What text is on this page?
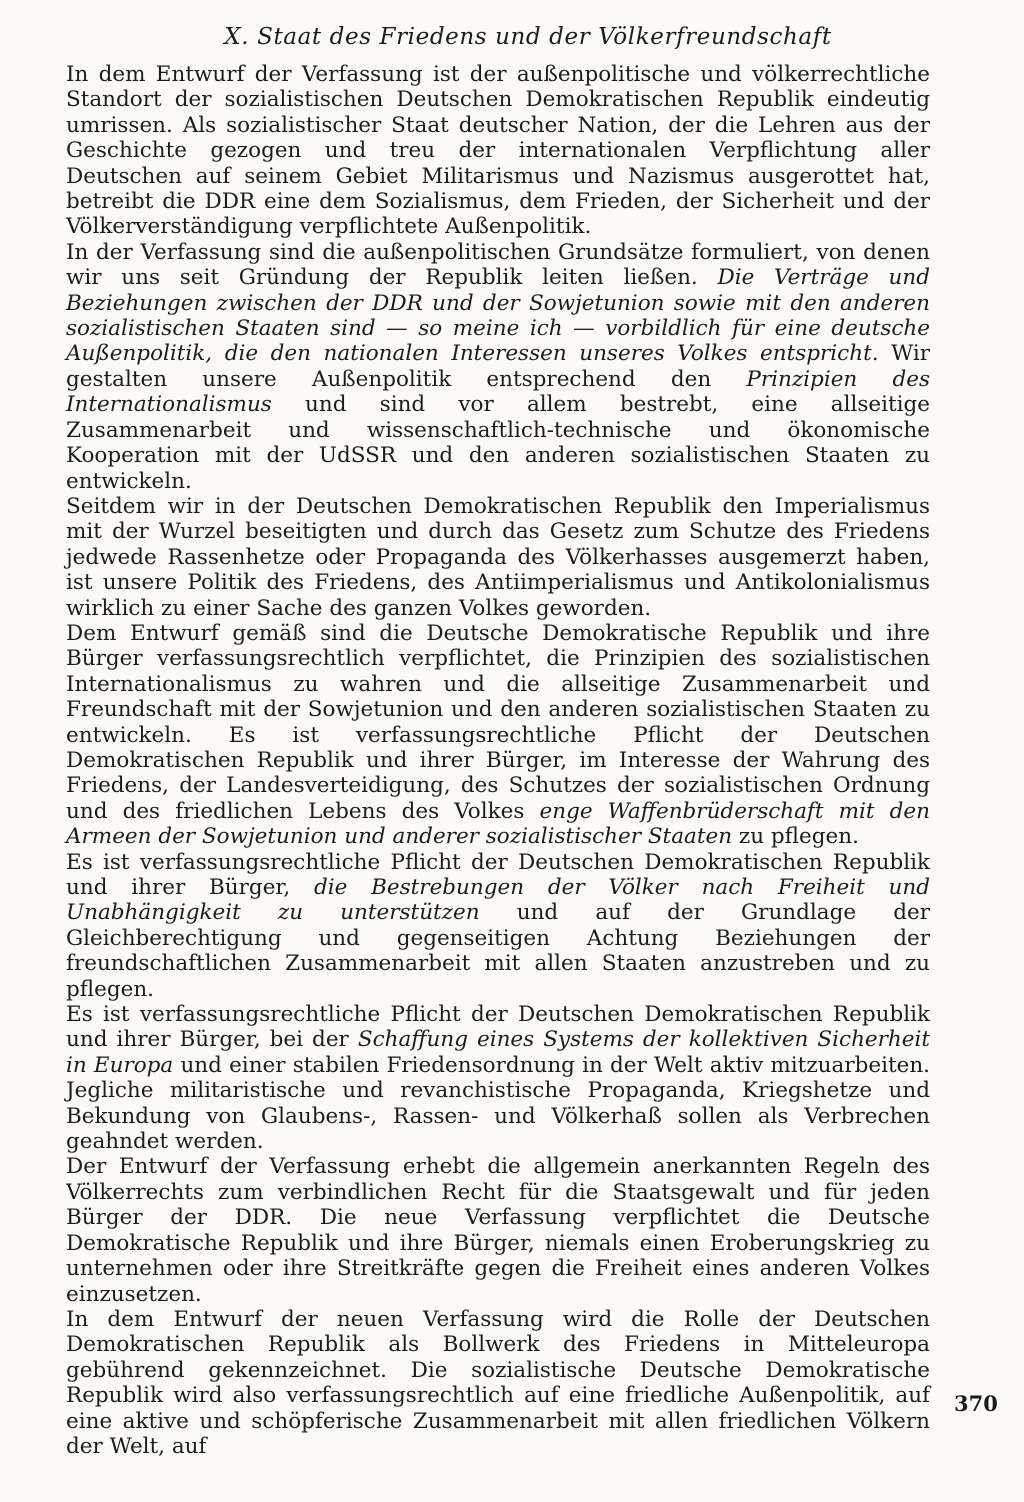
X. Staat des Friedens und der Völkerfreundschaft

In dem Entwurf der Verfassung ist der außenpolitische und völkerrechtliche Standort der sozialistischen Deutschen Demokratischen Republik eindeutig umrissen. Als sozialistischer Staat deutscher Nation, der die Lehren aus der Geschichte gezogen und treu der internationalen Verpflichtung aller Deutschen auf seinem Gebiet Militarismus und Nazismus ausgerottet hat, betreibt die DDR eine dem Sozialismus, dem Frieden, der Sicherheit und der Völkerverständigung verpflichtete Außenpolitik.

In der Verfassung sind die außenpolitischen Grundsätze formuliert, von denen wir uns seit Gründung der Republik leiten ließen. Die Verträge und Beziehungen zwischen der DDR und der Sowjetunion sowie mit den anderen sozialistischen Staaten sind — so meine ich — vorbildlich für eine deutsche Außenpolitik, die den nationalen Interessen unseres Volkes entspricht. Wir gestalten unsere Außenpolitik entsprechend den Prinzipien des Internationalismus und sind vor allem bestrebt, eine allseitige Zusammenarbeit und wissenschaftlich-technische und ökonomische Kooperation mit der UdSSR und den anderen sozialistischen Staaten zu entwickeln.

Seitdem wir in der Deutschen Demokratischen Republik den Imperialismus mit der Wurzel beseitigten und durch das Gesetz zum Schutze des Friedens jedwede Rassenhetze oder Propaganda des Völkerhasses ausgemerzt haben, ist unsere Politik des Friedens, des Antiimperialismus und Antikolonialismus wirklich zu einer Sache des ganzen Volkes geworden.

Dem Entwurf gemäß sind die Deutsche Demokratische Republik und ihre Bürger verfassungsrechtlich verpflichtet, die Prinzipien des sozialistischen Internationalismus zu wahren und die allseitige Zusammenarbeit und Freundschaft mit der Sowjetunion und den anderen sozialistischen Staaten zu entwickeln. Es ist verfassungsrechtliche Pflicht der Deutschen Demokratischen Republik und ihrer Bürger, im Interesse der Wahrung des Friedens, der Landesverteidigung, des Schutzes der sozialistischen Ordnung und des friedlichen Lebens des Volkes enge Waffenbrüderschaft mit den Armeen der Sowjetunion und anderer sozialistischer Staaten zu pflegen.

Es ist verfassungsrechtliche Pflicht der Deutschen Demokratischen Republik und ihrer Bürger, die Bestrebungen der Völker nach Freiheit und Unabhängigkeit zu unterstützen und auf der Grundlage der Gleichberechtigung und gegenseitigen Achtung Beziehungen der freundschaftlichen Zusammenarbeit mit allen Staaten anzustreben und zu pflegen.

Es ist verfassungsrechtliche Pflicht der Deutschen Demokratischen Republik und ihrer Bürger, bei der Schaffung eines Systems der kollektiven Sicherheit in Europa und einer stabilen Friedensordnung in der Welt aktiv mitzuarbeiten. Jegliche militaristische und revanchistische Propaganda, Kriegshetze und Bekundung von Glaubens-, Rassen- und Völkerhaß sollen als Verbrechen geahndet werden.

Der Entwurf der Verfassung erhebt die allgemein anerkannten Regeln des Völkerrechts zum verbindlichen Recht für die Staatsgewalt und für jeden Bürger der DDR. Die neue Verfassung verpflichtet die Deutsche Demokratische Republik und ihre Bürger, niemals einen Eroberungskrieg zu unternehmen oder ihre Streitkräfte gegen die Freiheit eines anderen Volkes einzusetzen.

In dem Entwurf der neuen Verfassung wird die Rolle der Deutschen Demokratischen Republik als Bollwerk des Friedens in Mitteleuropa gebührend gekennzeichnet. Die sozialistische Deutsche Demokratische Republik wird also verfassungsrechtlich auf eine friedliche Außenpolitik, auf eine aktive und schöpferische Zusammenarbeit mit allen friedlichen Völkern der Welt, auf

370
